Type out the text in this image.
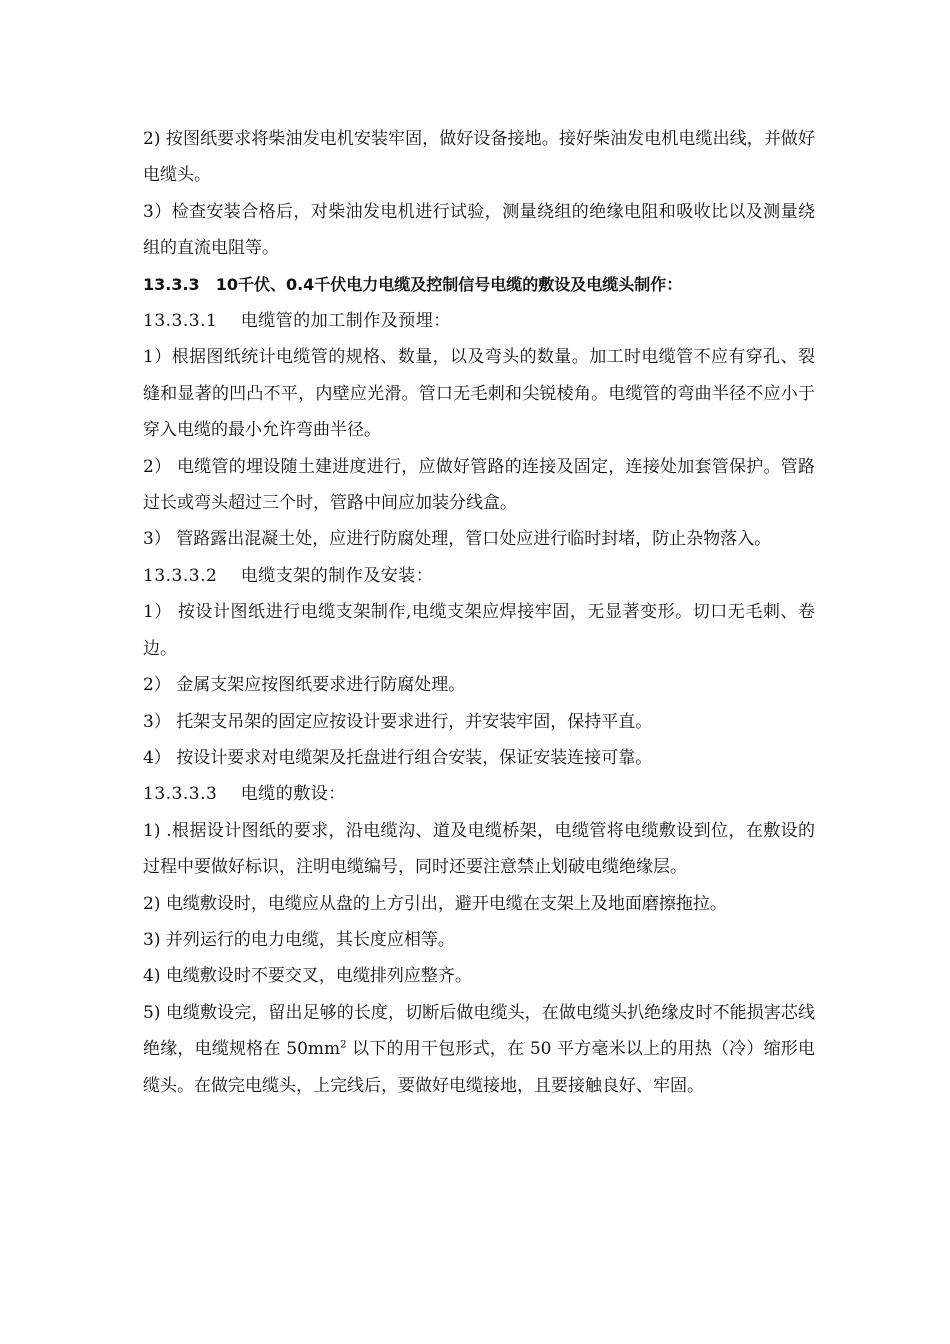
2) 按图纸要求将柴油发电机安装牢固，做好设备接地。接好柴油发电机电缆出线，并做好电缆头。

3）检查安装合格后，对柴油发电机进行试验，测量绕组的绝缘电阻和吸收比以及测量绕组的直流电阻等。

13.3.3　10千伏、0.4千伏电力电缆及控制信号电缆的敷设及电缆头制作：

13.3.3.1　 电缆管的加工制作及预埋：

1）根据图纸统计电缆管的规格、数量，以及弯头的数量。加工时电缆管不应有穿孔、裂缝和显著的凹凸不平，内壁应光滑。管口无毛刺和尖锐棱角。电缆管的弯曲半径不应小于穿入电缆的最小允许弯曲半径。

2） 电缆管的埋设随土建进度进行，应做好管路的连接及固定，连接处加套管保护。管路过长或弯头超过三个时，管路中间应加装分线盒。

3） 管路露出混凝土处，应进行防腐处理，管口处应进行临时封堵，防止杂物落入。

13.3.3.2　 电缆支架的制作及安装：

1） 按设计图纸进行电缆支架制作,电缆支架应焊接牢固，无显著变形。切口无毛刺、卷边。

2） 金属支架应按图纸要求进行防腐处理。

3） 托架支吊架的固定应按设计要求进行，并安装牢固，保持平直。

4） 按设计要求对电缆架及托盘进行组合安装，保证安装连接可靠。

13.3.3.3　 电缆的敷设：

1) .根据设计图纸的要求，沿电缆沟、道及电缆桥架，电缆管将电缆敷设到位，在敷设的过程中要做好标识，注明电缆编号，同时还要注意禁止划破电缆绝缘层。

2) 电缆敷设时，电缆应从盘的上方引出，避开电缆在支架上及地面磨擦拖拉。

3) 并列运行的电力电缆，其长度应相等。

4) 电缆敷设时不要交叉，电缆排列应整齐。

5) 电缆敷设完，留出足够的长度，切断后做电缆头，在做电缆头扒绝缘皮时不能损害芯线绝缘，电缆规格在 $50mm^2$ 以下的用干包形式，在 50 平方毫米以上的用热（冷）缩形电缆头。在做完电缆头，上完线后，要做好电缆接地，且要接触良好、牢固。
